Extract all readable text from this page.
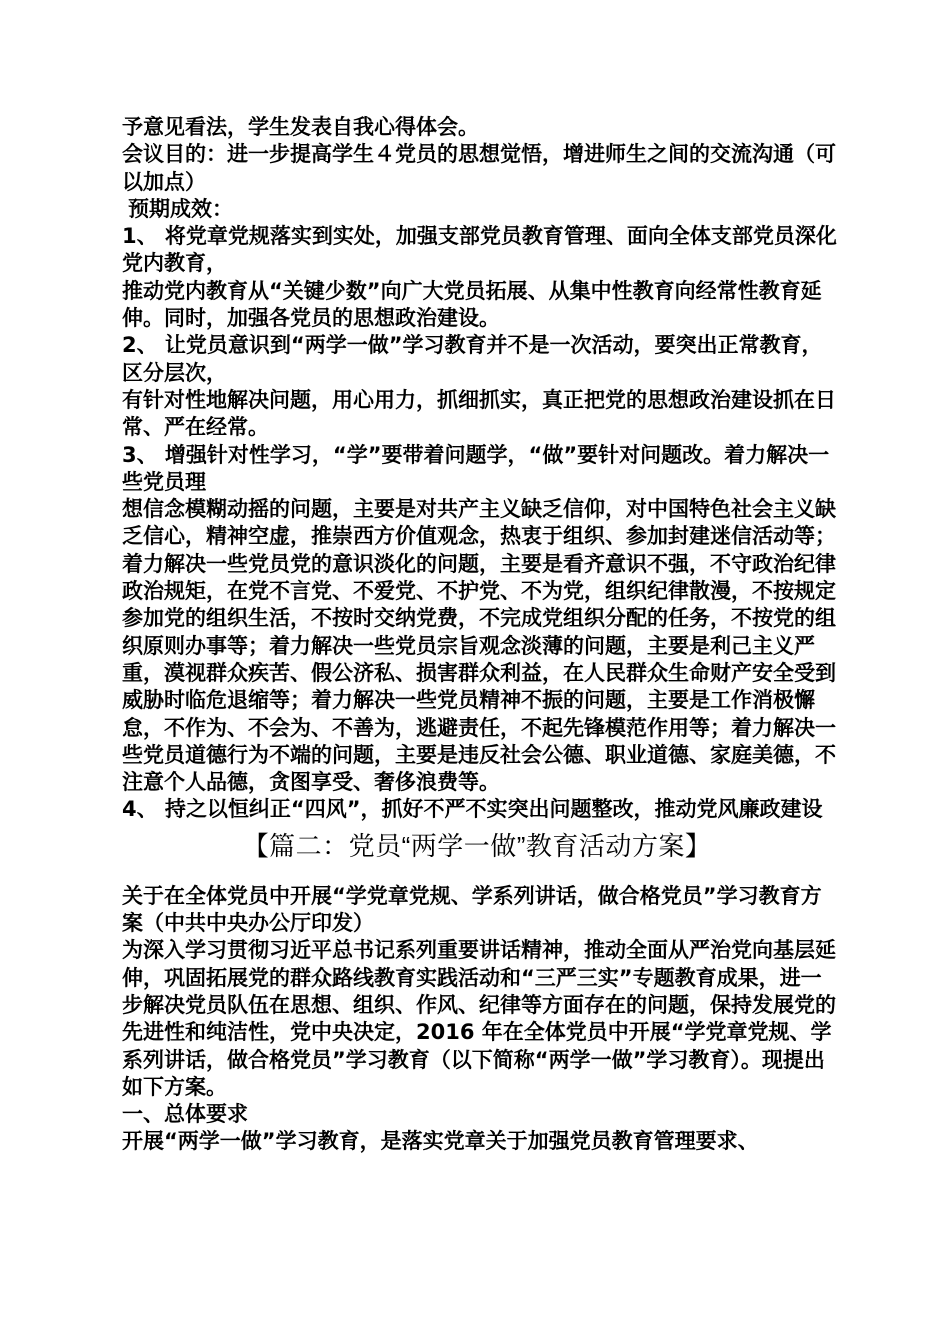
予意见看法，学生发表自我心得体会。

会议目的：进一步提高学生４党员的思想觉悟，增进师生之间的交流沟通（可以加点）

预期成效：

1、 将党章党规落实到实处，加强支部党员教育管理、面向全体支部党员深化党内教育，

推动党内教育从“关键少数”向广大党员拓展、从集中性教育向经常性教育延伸。同时，加强各党员的思想政治建设。

2、 让党员意识到“两学一做”学习教育并不是一次活动，要突出正常教育，区分层次，

有针对性地解决问题，用心用力，抓细抓实，真正把党的思想政治建设抓在日常、严在经常。

3、 增强针对性学习，“学”要带着问题学，“做”要针对问题改。着力解决一些党员理

想信念模糊动摇的问题，主要是对共产主义缺乏信仰，对中国特色社会主义缺乏信心，精神空虚，推崇西方价值观念，热衷于组织、参加封建迷信活动等；着力解决一些党员党的意识淡化的问题，主要是看齐意识不强，不守政治纪律政治规矩，在党不言党、不爱党、不护党、不为党，组织纪律散漫，不按规定参加党的组织生活，不按时交纳党费，不完成党组织分配的任务，不按党的组织原则办事等；着力解决一些党员宗旨观念淡薄的问题，主要是利己主义严重，漠视群众疾苦、假公济私、损害群众利益，在人民群众生命财产安全受到威胁时临危退缩等；着力解决一些党员精神不振的问题，主要是工作消极懈怠，不作为、不会为、不善为，逃避责任，不起先锋模范作用等；着力解决一些党员道德行为不端的问题，主要是违反社会公德、职业道德、家庭美德，不注意个人品德，贪图享受、奢侈浪费等。

4、 持之以恒纠正“四风”，抓好不严不实突出问题整改，推动党风廉政建设

【篇二：党员“两学一做”教育活动方案】

关于在全体党员中开展“学党章党规、学系列讲话，做合格党员”学习教育方案（中共中央办公厅印发）

为深入学习贯彻习近平总书记系列重要讲话精神，推动全面从严治党向基层延伸，巩固拓展党的群众路线教育实践活动和“三严三实”专题教育成果，进一步解决党员队伍在思想、组织、作风、纪律等方面存在的问题，保持发展党的先进性和纯洁性，党中央决定，2016 年在全体党员中开展“学党章党规、学系列讲话，做合格党员”学习教育（以下简称“两学一做”学习教育）。现提出如下方案。

一、总体要求

开展“两学一做”学习教育，是落实党章关于加强党员教育管理要求、
